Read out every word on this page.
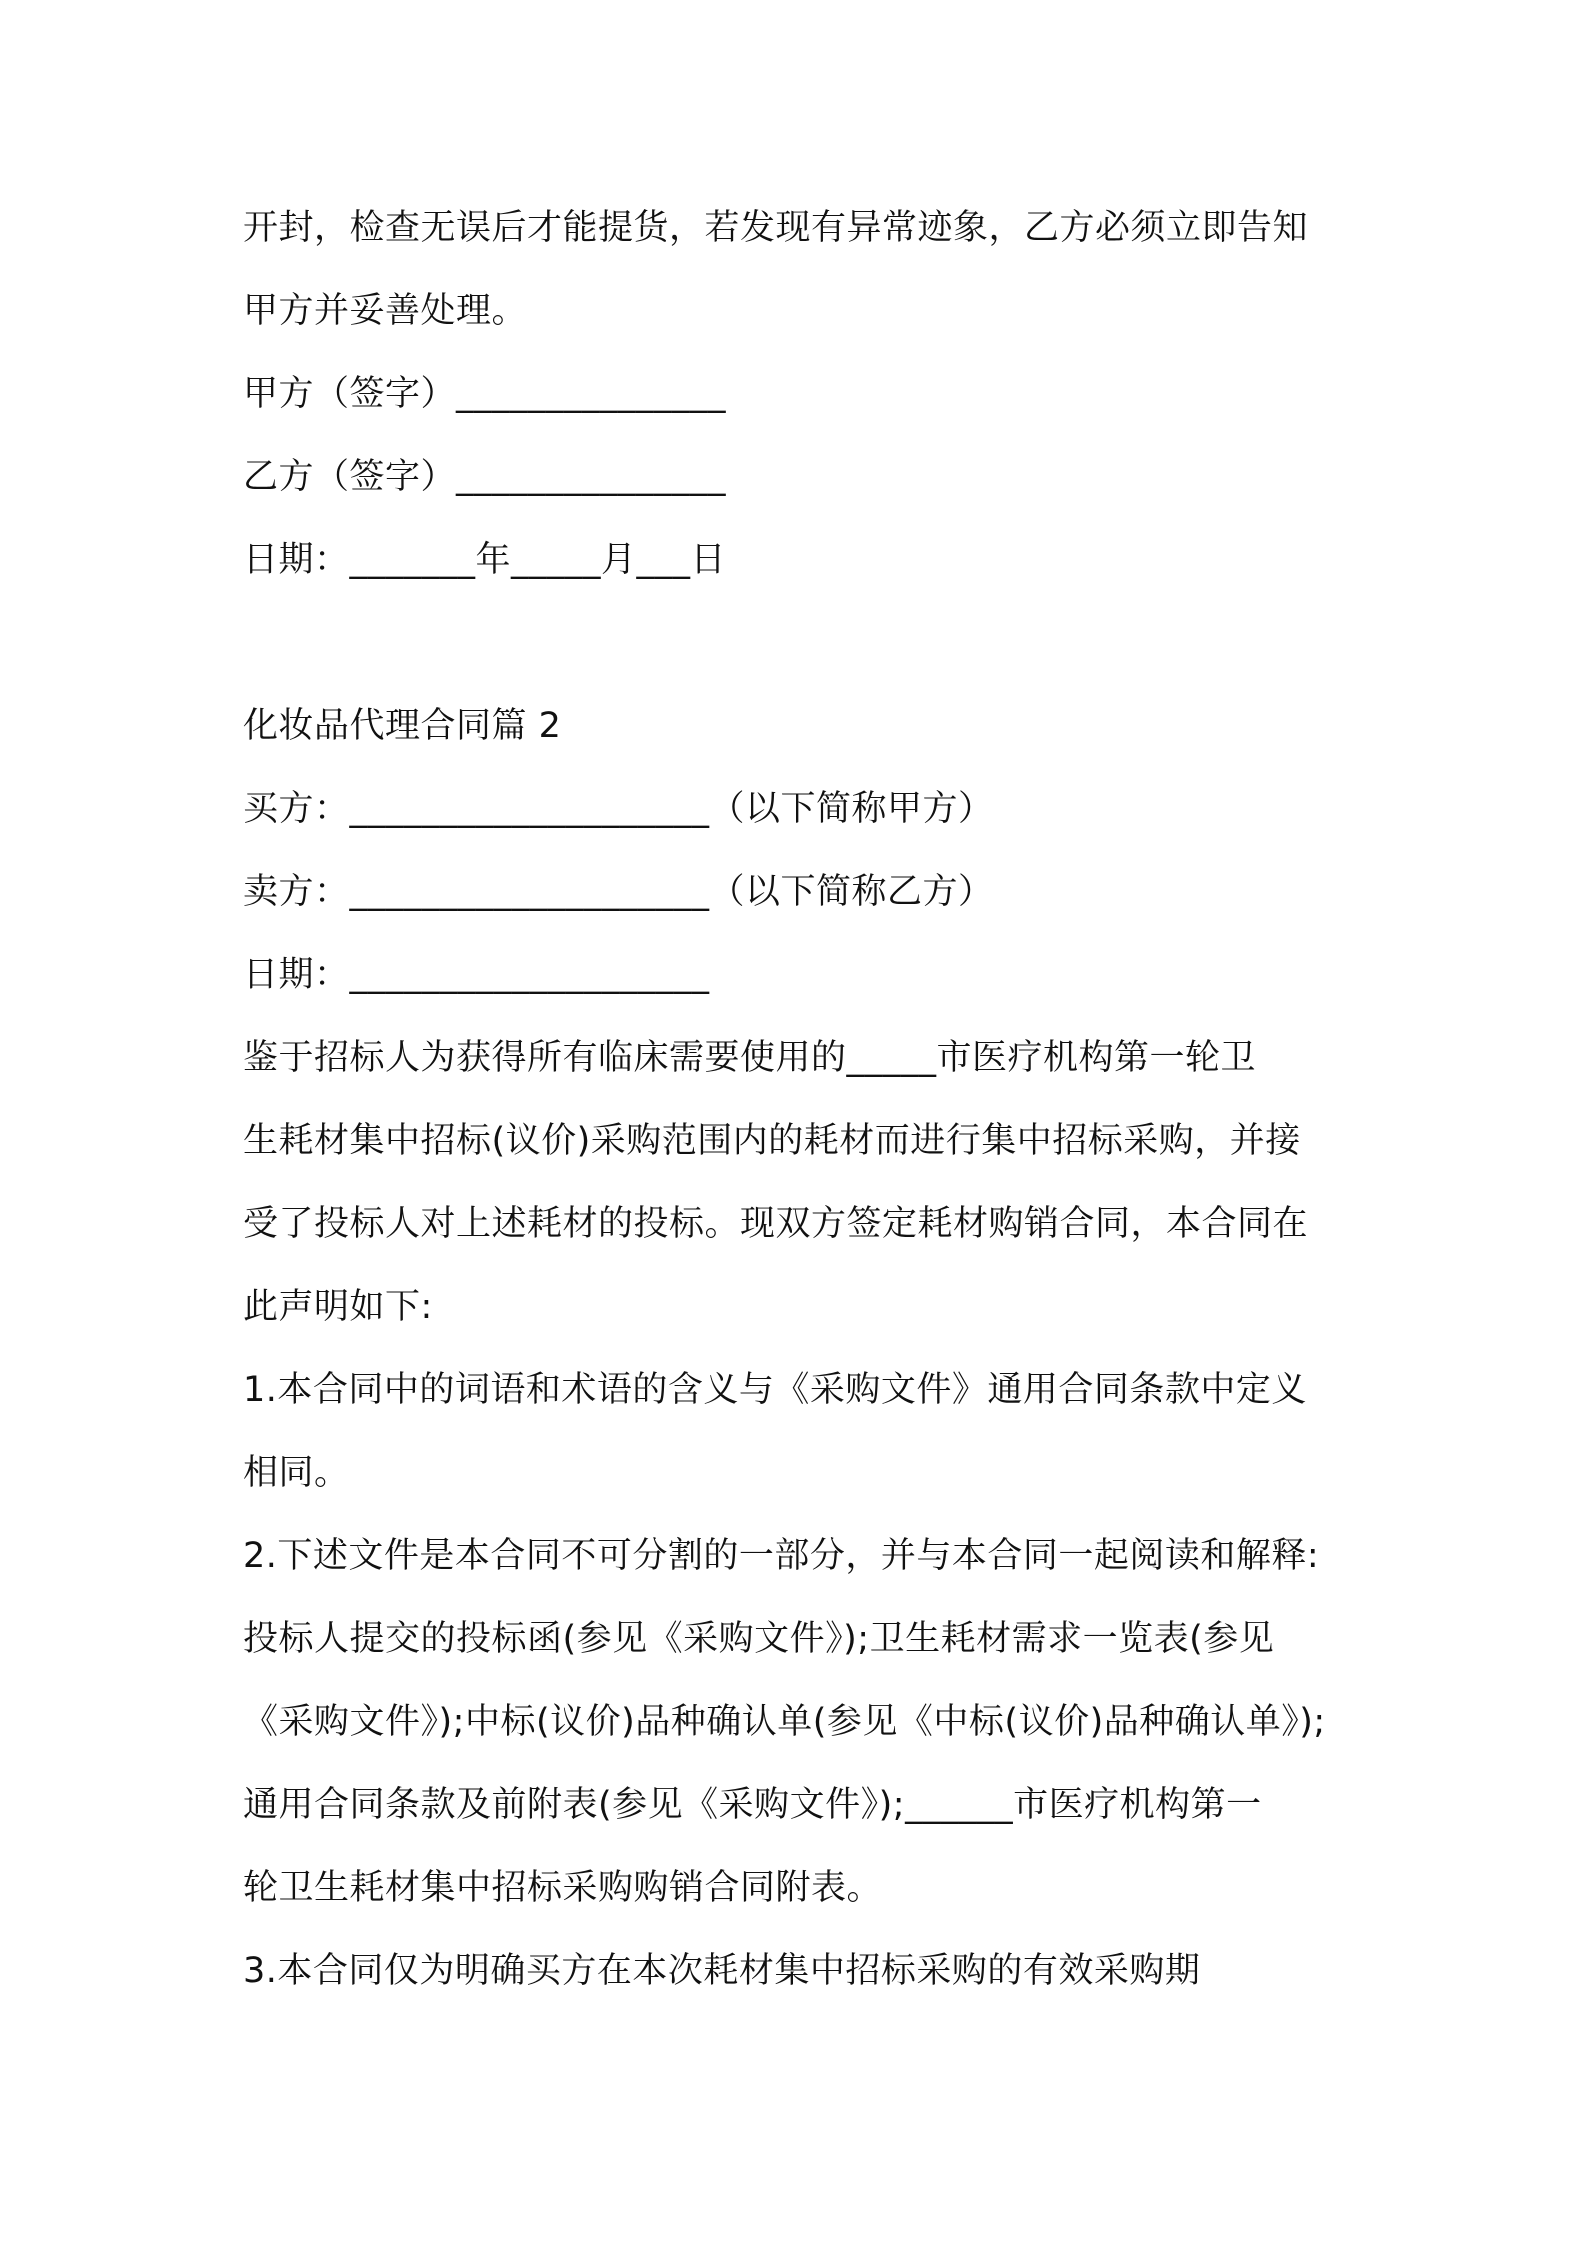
开封，检查无误后才能提货，若发现有异常迹象，乙方必须立即告知
甲方并妥善处理。
甲方（签字）_______________
乙方（签字）_______________
日期：_______年_____月___日
化妆品代理合同篇 2
买方：____________________（以下简称甲方）
卖方：____________________（以下简称乙方）
日期：____________________
鉴于招标人为获得所有临床需要使用的_____市医疗机构第一轮卫
生耗材集中招标(议价)采购范围内的耗材而进行集中招标采购，并接
受了投标人对上述耗材的投标。现双方签定耗材购销合同，本合同在
此声明如下:
1.本合同中的词语和术语的含义与《采购文件》通用合同条款中定义
相同。
2.下述文件是本合同不可分割的一部分，并与本合同一起阅读和解释:
投标人提交的投标函(参见《采购文件》);卫生耗材需求一览表(参见
《采购文件》);中标(议价)品种确认单(参见《中标(议价)品种确认单》);
通用合同条款及前附表(参见《采购文件》);______市医疗机构第一
轮卫生耗材集中招标采购购销合同附表。
3.本合同仅为明确买方在本次耗材集中招标采购的有效采购期
